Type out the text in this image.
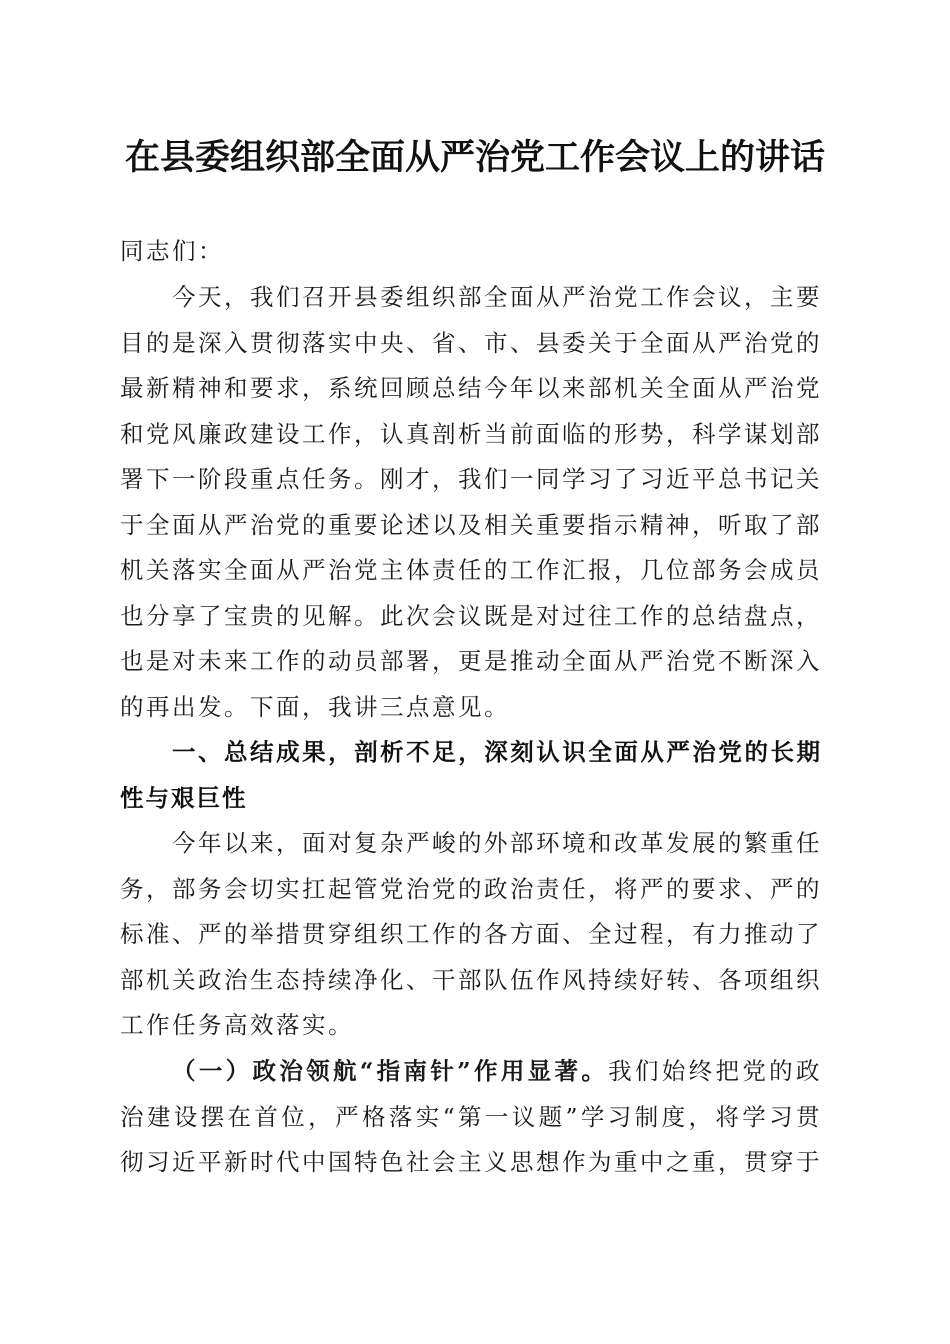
在县委组织部全面从严治党工作会议上的讲话

同志们：

今天，我们召开县委组织部全面从严治党工作会议，主要目的是深入贯彻落实中央、省、市、县委关于全面从严治党的最新精神和要求，系统回顾总结今年以来部机关全面从严治党和党风廉政建设工作，认真剖析当前面临的形势，科学谋划部署下一阶段重点任务。刚才，我们一同学习了习近平总书记关于全面从严治党的重要论述以及相关重要指示精神，听取了部机关落实全面从严治党主体责任的工作汇报，几位部务会成员也分享了宝贵的见解。此次会议既是对过往工作的总结盘点，也是对未来工作的动员部署，更是推动全面从严治党不断深入的再出发。下面，我讲三点意见。

一、总结成果，剖析不足，深刻认识全面从严治党的长期性与艰巨性

今年以来，面对复杂严峻的外部环境和改革发展的繁重任务，部务会切实扛起管党治党的政治责任，将严的要求、严的标准、严的举措贯穿组织工作的各方面、全过程，有力推动了部机关政治生态持续净化、干部队伍作风持续好转、各项组织工作任务高效落实。

（一）政治领航“指南针”作用显著。我们始终把党的政治建设摆在首位，严格落实“第一议题”学习制度，将学习贯彻习近平新时代中国特色社会主义思想作为重中之重，贯穿于
